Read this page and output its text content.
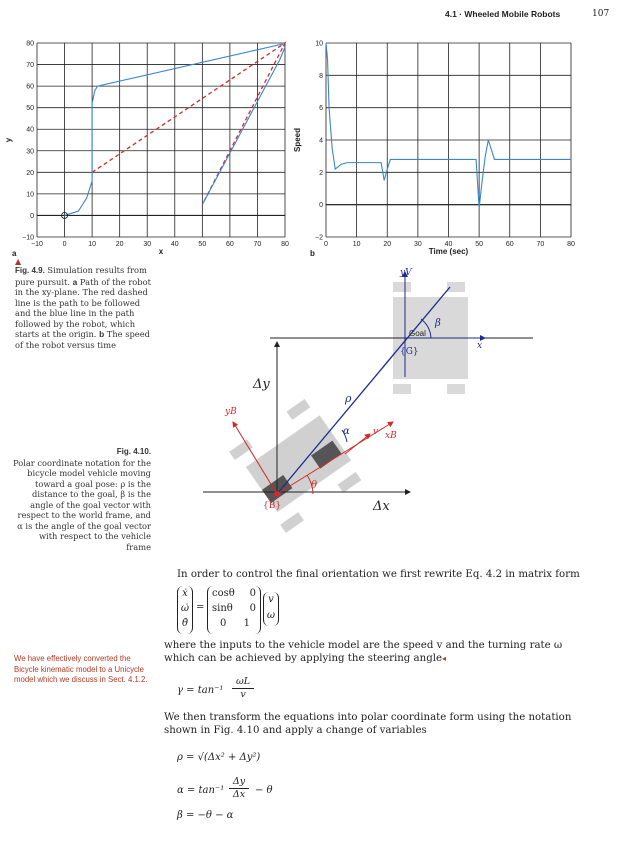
4.1 · Wheeled Mobile Robots	107
−10	0	10	20	30	40	50	60	70	80
80
70
60
50
40
30
20
10
0
−10
x
y
a
0	10	20	30	40	50	60	70	80
10
8
6
4
2
0
−2
Time (sec)
Speed
b
▲
Fig. 4.9. Simulation results from pure pursuit. a Path of the robot in the xy-plane. The red dashed line is the path to be followed and the blue line in the path followed by the robot, which starts at the origin. b The speed of the robot versus time
Fig. 4.10.
Polar coordinate notation for the bicycle model vehicle moving toward a goal pose: ρ is the distance to the goal, β is the angle of the goal vector with respect to the world frame, and α is the angle of the goal vector with respect to the vehicle frame
yV
x
Goal
{G}
β
Δy
Δx
ρ
α
yB
xB
v
θ
{B}
In order to control the final orientation we first rewrite Eq. 4.2 in matrix form
ẋ
ω̇
θ̇
=
cosθ 0
sinθ 0
0 1
v
ω
where the inputs to the vehicle model are the speed v and the turning rate ω which can be achieved by applying the steering angle◂
We have effectively converted the Bicycle kinematic model to a Unicycle model which we discuss in Sect. 4.1.2.
$\gamma = \tan^{-1} \frac{\omega L}{v}$
We then transform the equations into polar coordinate form using the notation shown in Fig. 4.10 and apply a change of variables
ρ = √(Δx² + Δy²)
$\alpha = \tan^{-1} \frac{\Delta y}{\Delta x} - \theta$
β = −θ − α
